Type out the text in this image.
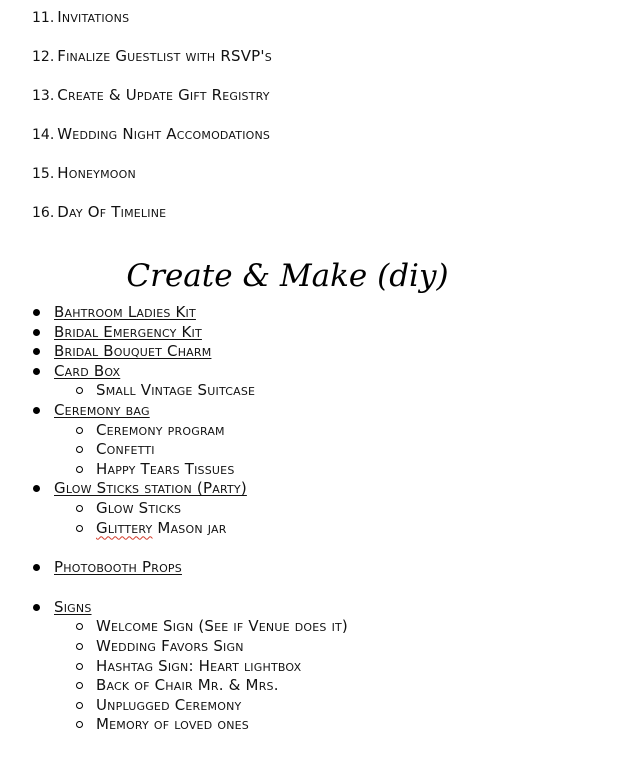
11. Invitations
12. Finalize Guestlist with RSVP's
13. Create & Update Gift Registry
14. Wedding Night Accomodations
15. Honeymoon
16. Day Of Timeline
Create & Make (diy)
Bahtroom Ladies Kit
Bridal Emergency Kit
Bridal Bouquet Charm
Card Box
Small Vintage Suitcase
Ceremony bag
Ceremony program
Confetti
Happy Tears Tissues
Glow Sticks station (Party)
Glow Sticks
Glittery Mason jar
Photobooth Props
Signs
Welcome Sign (See if Venue does it)
Wedding Favors Sign
Hashtag Sign: Heart lightbox
Back of Chair Mr. & Mrs.
Unplugged Ceremony
Memory of loved ones
